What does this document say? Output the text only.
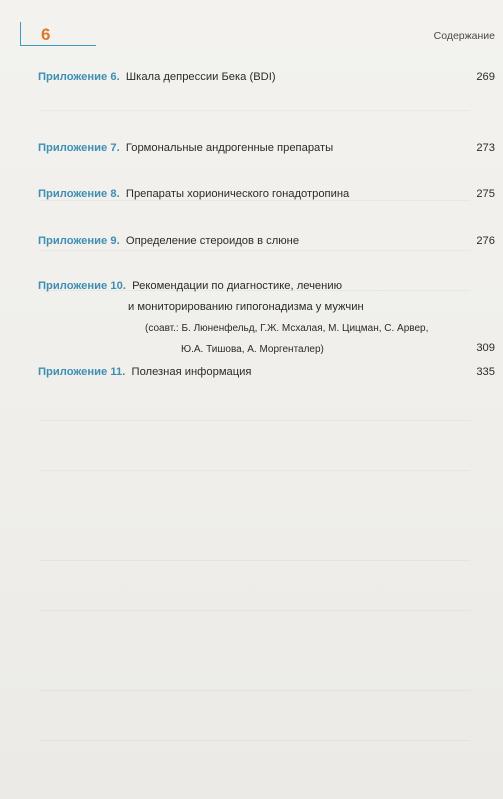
6	Содержание
Приложение 6. Шкала депрессии Бека (BDI)	269
Приложение 7. Гормональные андрогенные препараты	273
Приложение 8. Препараты хорионического гонадотропина	275
Приложение 9. Определение стероидов в слюне	276
Приложение 10. Рекомендации по диагностике, лечению
и мониторированию гипогонадизма у мужчин
(соавт.: Б. Люненфельд, Г.Ж. Мсхалая, М. Цицман, С. Арвер,
Ю.А. Тишова, А. Моргенталер)	309
Приложение 11. Полезная информация	335
